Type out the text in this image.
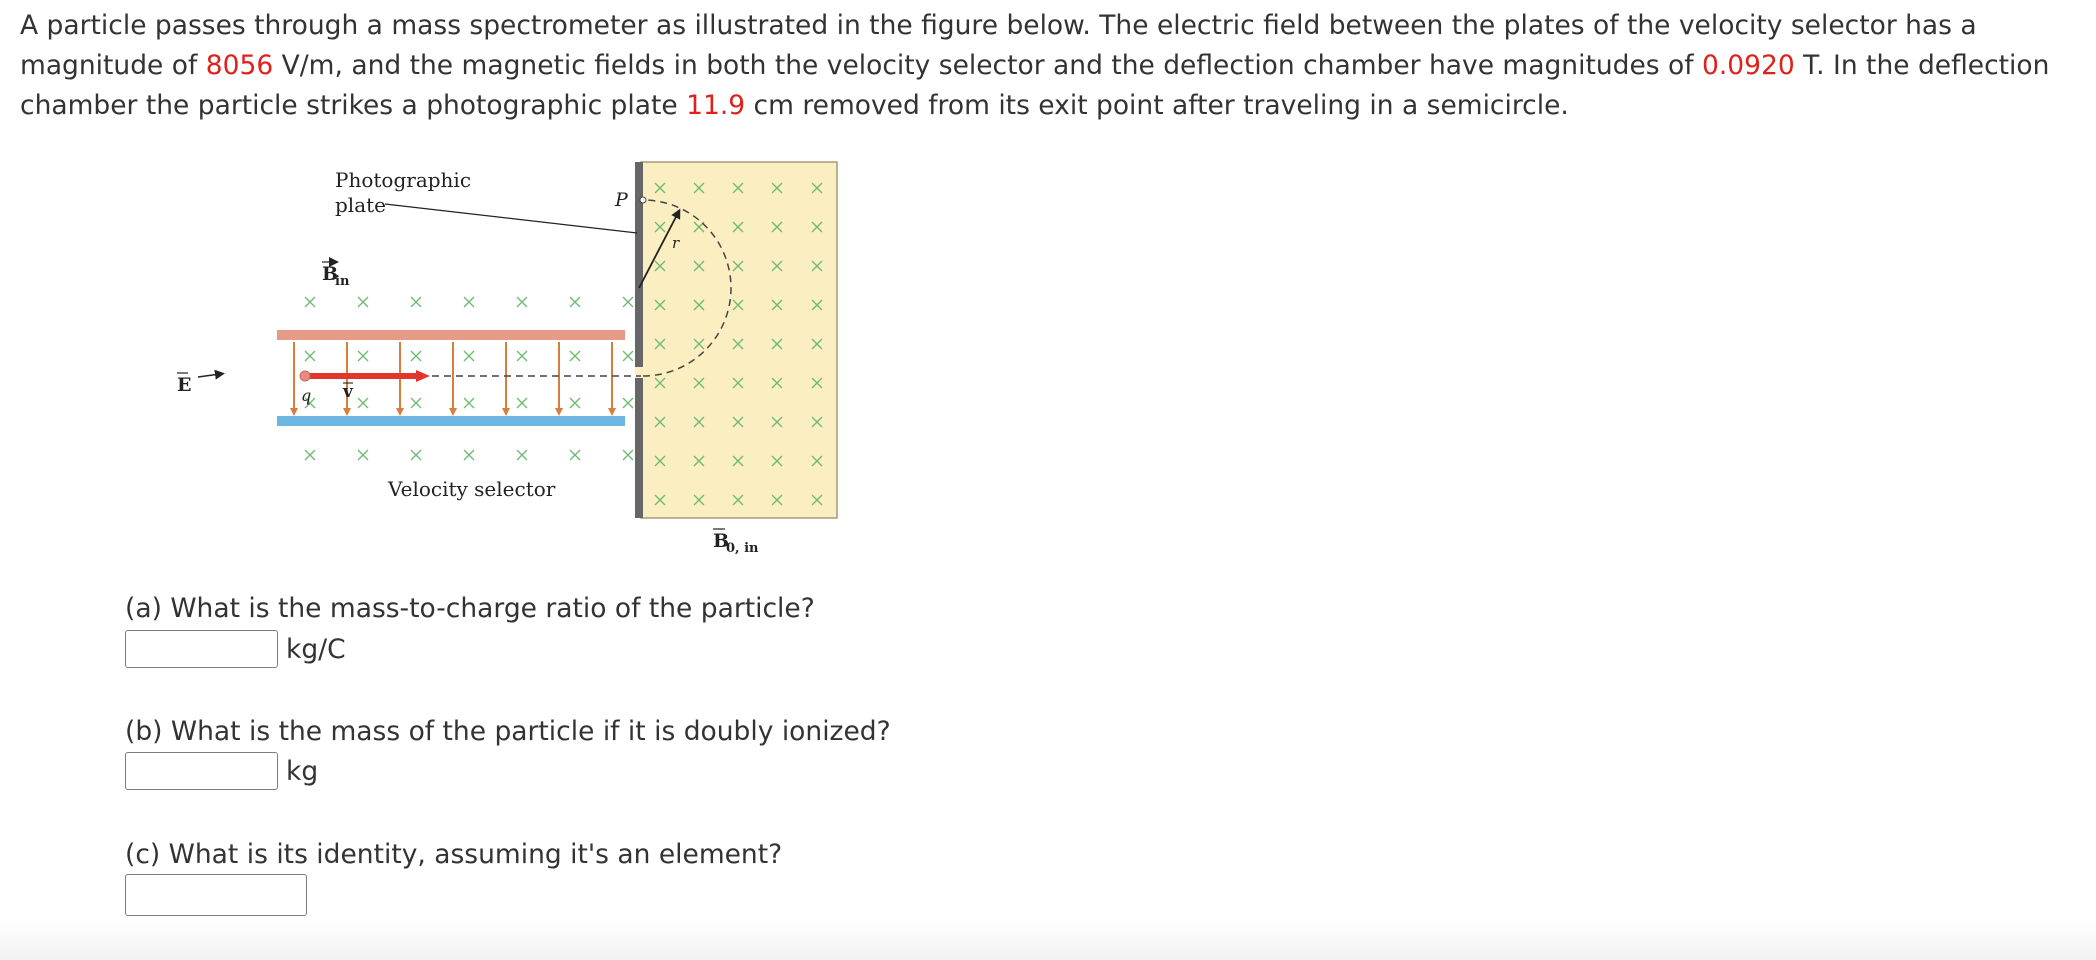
A particle passes through a mass spectrometer as illustrated in the figure below. The electric field between the plates of the velocity selector has a magnitude of 8056 V/m, and the magnetic fields in both the velocity selector and the deflection chamber have magnitudes of 0.0920 T. In the deflection chamber the particle strikes a photographic plate 11.9 cm removed from its exit point after traveling in a semicircle.

Photographic
plate	P
r
B
in
E	q v
Velocity selector
B
0, in

(a) What is the mass-to-charge ratio of the particle?

kg/C

(b) What is the mass of the particle if it is doubly ionized?

kg

(c) What is its identity, assuming it's an element?
